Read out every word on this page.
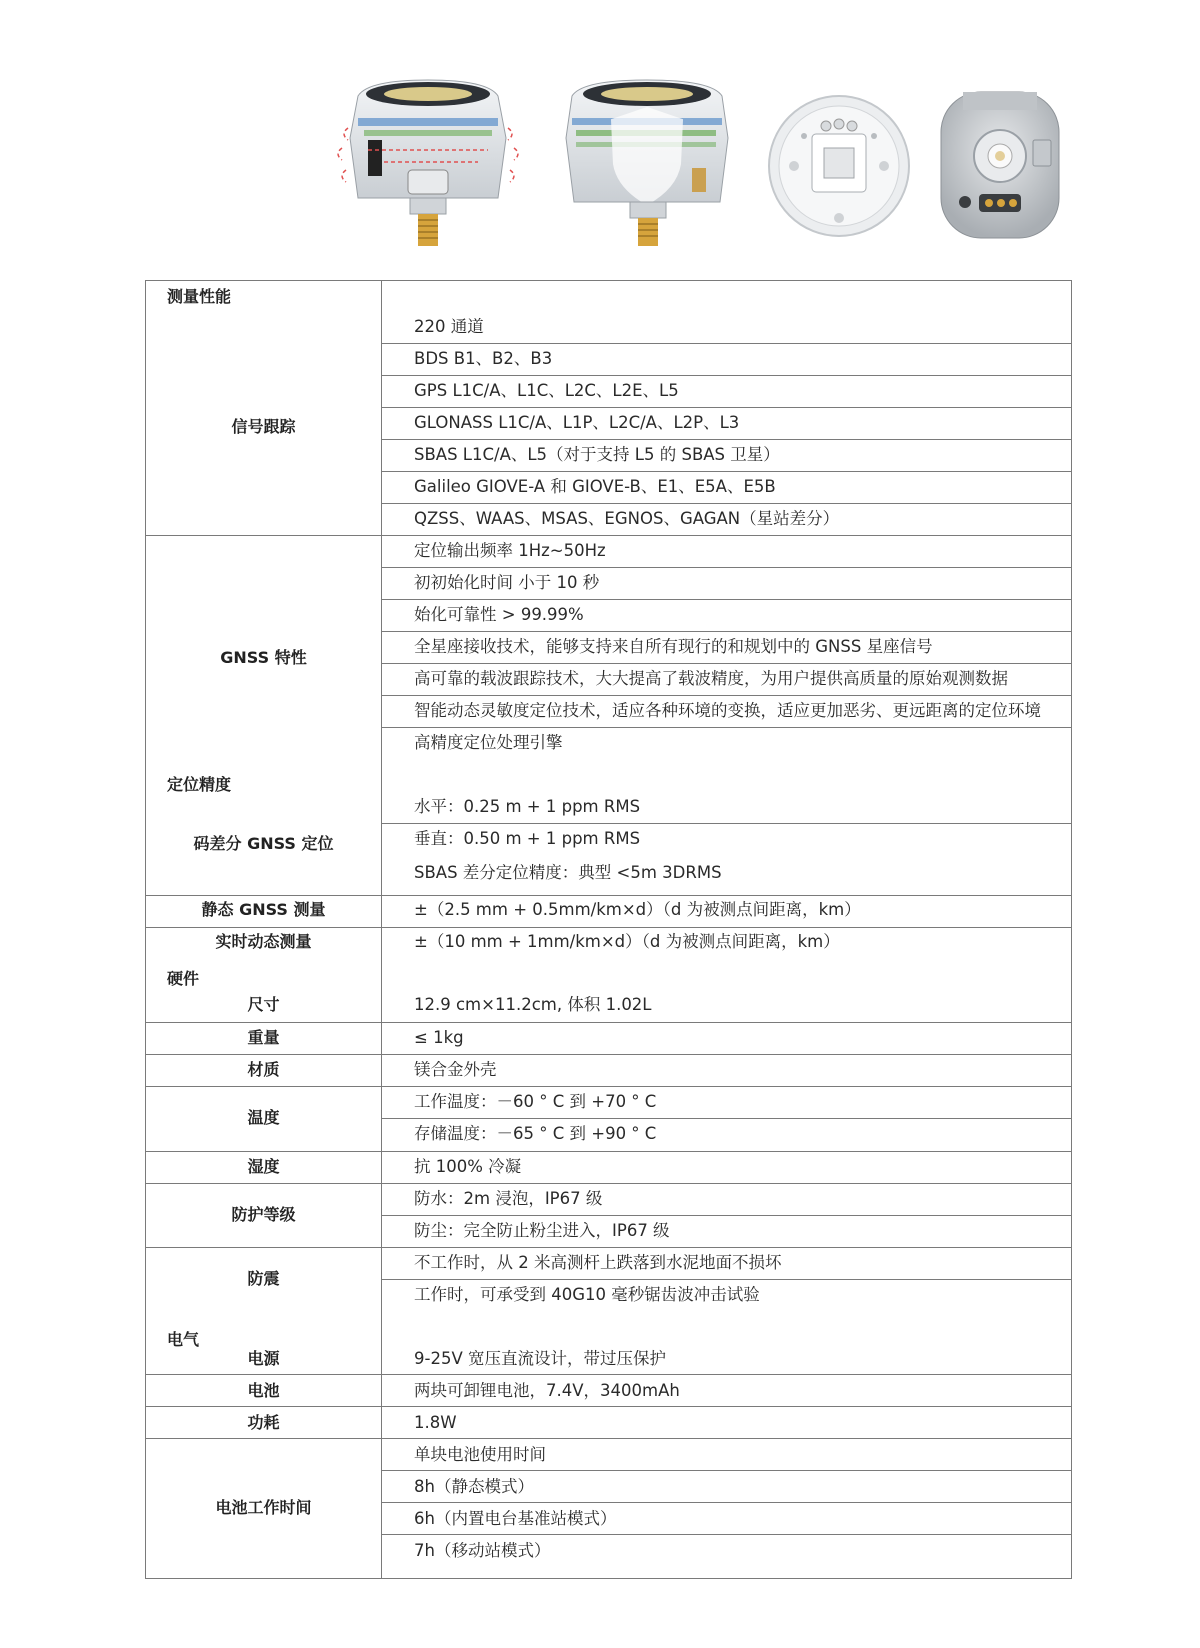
测量性能
定位精度
硬件
电气
信号跟踪
GNSS 特性
码差分 GNSS 定位
静态 GNSS 测量
实时动态测量
尺寸
重量
材质
温度
湿度
防护等级
防震
电源
电池
功耗
电池工作时间
220 通道
BDS B1、B2、B3
GPS L1C/A、L1C、L2C、L2E、L5
GLONASS L1C/A、L1P、L2C/A、L2P、L3
SBAS L1C/A、L5（对于支持 L5 的 SBAS 卫星）
Galileo GIOVE-A 和 GIOVE-B、E1、E5A、E5B
QZSS、WAAS、MSAS、EGNOS、GAGAN（星站差分）
定位输出频率 1Hz~50Hz
初初始化时间 小于 10 秒
始化可靠性 > 99.99%
全星座接收技术，能够支持来自所有现行的和规划中的 GNSS 星座信号
高可靠的载波跟踪技术，大大提高了载波精度，为用户提供高质量的原始观测数据
智能动态灵敏度定位技术，适应各种环境的变换，适应更加恶劣、更远距离的定位环境
高精度定位处理引擎
水平：0.25 m + 1 ppm RMS
垂直：0.50 m + 1 ppm RMS
SBAS 差分定位精度：典型 <5m 3DRMS
±（2.5 mm + 0.5mm/km×d）（d 为被测点间距离，km）
±（10 mm + 1mm/km×d）（d 为被测点间距离，km）
12.9 cm×11.2cm, 体积 1.02L
≤ 1kg
镁合金外壳
工作温度：－60 ° C 到 +70 ° C
存储温度：－65 ° C 到 +90 ° C
抗 100% 冷凝
防水：2m 浸泡，IP67 级
防尘：完全防止粉尘进入，IP67 级
不工作时，从 2 米高测杆上跌落到水泥地面不损坏
工作时，可承受到 40G10 毫秒锯齿波冲击试验
9-25V 宽压直流设计，带过压保护
两块可卸锂电池，7.4V，3400mAh
1.8W
单块电池使用时间
8h（静态模式）
6h（内置电台基准站模式）
7h（移动站模式）
